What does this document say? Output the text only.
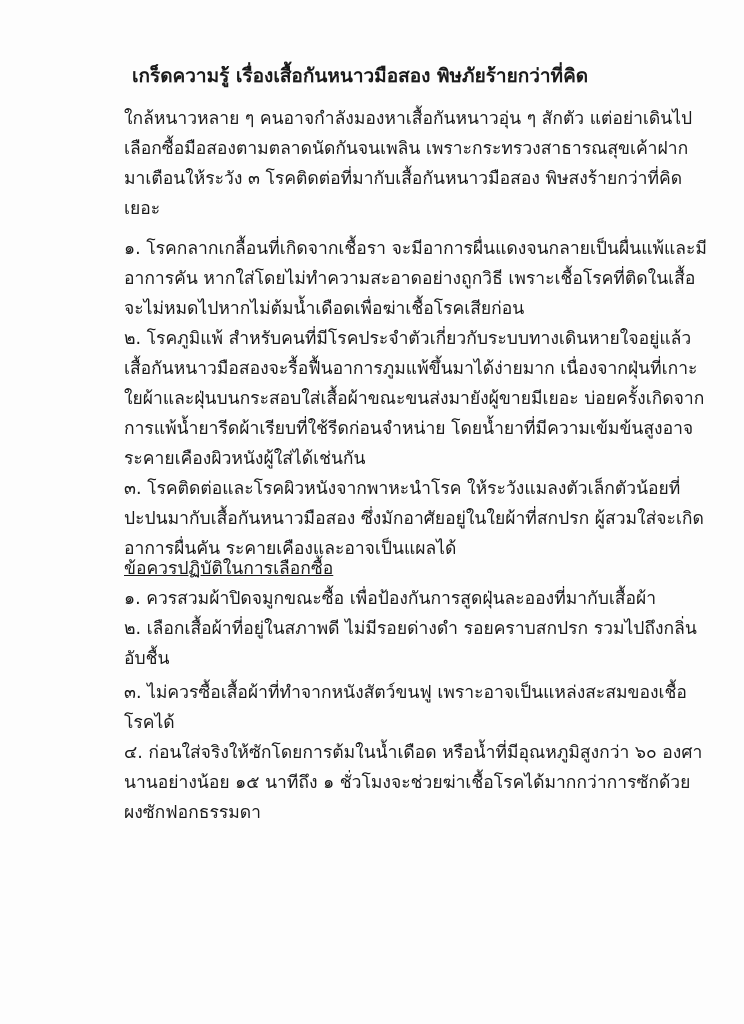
เกร็ดความรู้ เรื่องเสื้อกันหนาวมือสอง พิษภัยร้ายกว่าที่คิด

ใกล้หนาวหลาย ๆ คนอาจกำลังมองหาเสื้อกันหนาวอุ่น ๆ สักตัว แต่อย่าเดินไปเลือกซื้อมือสองตามตลาดนัดกันจนเพลิน เพราะกระทรวงสาธารณสุขเค้าฝากมาเตือนให้ระวัง ๓ โรคติดต่อที่มากับเสื้อกันหนาวมือสอง พิษสงร้ายกว่าที่คิดเยอะ

๑. โรคกลากเกลื้อนที่เกิดจากเชื้อรา จะมีอาการผื่นแดงจนกลายเป็นผื่นแพ้และมีอาการคัน หากใส่โดยไม่ทำความสะอาดอย่างถูกวิธี เพราะเชื้อโรคที่ติดในเสื้อจะไม่หมดไปหากไม่ต้มน้ำเดือดเพื่อฆ่าเชื้อโรคเสียก่อน

๒. โรคภูมิแพ้ สำหรับคนที่มีโรคประจำตัวเกี่ยวกับระบบทางเดินหายใจอยู่แล้ว เสื้อกันหนาวมือสองจะรื้อฟื้นอาการภูมแพ้ขึ้นมาได้ง่ายมาก เนื่องจากฝุ่นที่เกาะใยผ้าและฝุ่นบนกระสอบใส่เสื้อผ้าขณะขนส่งมายังผู้ขายมีเยอะ บ่อยครั้งเกิดจากการแพ้น้ำยารีดผ้าเรียบที่ใช้รีดก่อนจำหน่าย โดยน้ำยาที่มีความเข้มข้นสูงอาจระคายเคืองผิวหนังผู้ใส่ได้เช่นกัน

๓. โรคติดต่อและโรคผิวหนังจากพาหะนำโรค ให้ระวังแมลงตัวเล็กตัวน้อยที่ปะปนมากับเสื้อกันหนาวมือสอง ซึ่งมักอาศัยอยู่ในใยผ้าที่สกปรก ผู้สวมใส่จะเกิดอาการผื่นคัน ระคายเคืองและอาจเป็นแผลได้

ข้อควรปฏิบัติในการเลือกซื้อ

๑. ควรสวมผ้าปิดจมูกขณะซื้อ เพื่อป้องกันการสูดฝุ่นละอองที่มากับเสื้อผ้า

๒. เลือกเสื้อผ้าที่อยู่ในสภาพดี ไม่มีรอยด่างดำ รอยคราบสกปรก รวมไปถึงกลิ่นอับชื้น

๓. ไม่ควรซื้อเสื้อผ้าที่ทำจากหนังสัตว์ขนฟู เพราะอาจเป็นแหล่งสะสมของเชื้อโรคได้

๔. ก่อนใส่จริงให้ซักโดยการต้มในน้ำเดือด หรือน้ำที่มีอุณหภูมิสูงกว่า ๖๐ องศานานอย่างน้อย ๑๕ นาทีถึง ๑ ชั่วโมงจะช่วยฆ่าเชื้อโรคได้มากกว่าการซักด้วยผงซักฟอกธรรมดา
